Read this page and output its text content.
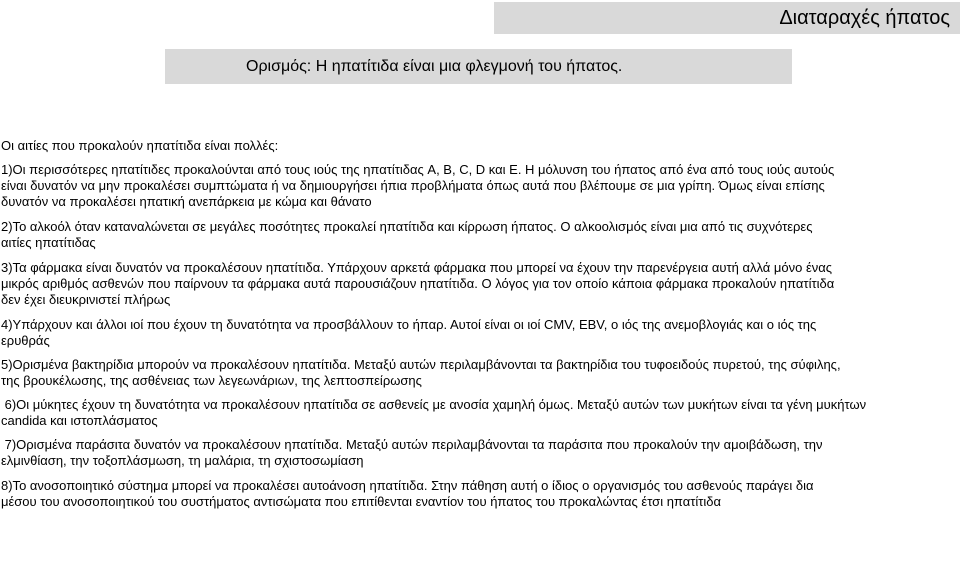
Διαταραχές ήπατος
Ορισμός: Η ηπατίτιδα είναι μια φλεγμονή του ήπατος.

Οι αιτίες που προκαλούν ηπατίτιδα είναι πολλές:

1)Οι περισσότερες ηπατίτιδες προκαλούνται από τους ιούς της ηπατίτιδας A, B, C, D και E. Η μόλυνση του ήπατος από ένα από τους ιούς αυτούς

είναι δυνατόν να μην προκαλέσει συμπτώματα ή να δημιουργήσει ήπια προβλήματα όπως αυτά που βλέπουμε σε μια γρίπη. Όμως είναι επίσης

δυνατόν να προκαλέσει ηπατική ανεπάρκεια με κώμα και θάνατο

2)Το αλκοόλ όταν καταναλώνεται σε μεγάλες ποσότητες προκαλεί ηπατίτιδα και κίρρωση ήπατος. Ο αλκοολισμός είναι μια από τις συχνότερες

αιτίες ηπατίτιδας

3)Τα φάρμακα είναι δυνατόν να προκαλέσουν ηπατίτιδα. Υπάρχουν αρκετά φάρμακα που μπορεί να έχουν την παρενέργεια αυτή αλλά μόνο ένας

μικρός αριθμός ασθενών που παίρνουν τα φάρμακα αυτά παρουσιάζουν ηπατίτιδα. Ο λόγος για τον οποίο κάποια φάρμακα προκαλούν ηπατίτιδα

δεν έχει διευκρινιστεί πλήρως

4)Υπάρχουν και άλλοι ιοί που έχουν τη δυνατότητα να προσβάλλουν το ήπαρ. Αυτοί είναι οι ιοί CMV, EBV, ο ιός της ανεμοβλογιάς και ο ιός της

ερυθράς

5)Ορισμένα βακτηρίδια μπορούν να προκαλέσουν ηπατίτιδα. Μεταξύ αυτών περιλαμβάνονται τα βακτηρίδια του τυφοειδούς πυρετού, της σύφιλης,

της βρουκέλωσης, της ασθένειας των λεγεωνάριων, της λεπτοσπείρωσης

6)Οι μύκητες έχουν τη δυνατότητα να προκαλέσουν ηπατίτιδα σε ασθενείς με ανοσία χαμηλή όμως. Μεταξύ αυτών των μυκήτων είναι τα γένη μυκήτων

candida και ιστοπλάσματος

7)Ορισμένα παράσιτα δυνατόν να προκαλέσουν ηπατίτιδα. Μεταξύ αυτών περιλαμβάνονται τα παράσιτα που προκαλούν την αμοιβάδωση, την

ελμινθίαση, την τοξοπλάσμωση, τη μαλάρια, τη σχιστοσωμίαση

8)Το ανοσοποιητικό σύστημα μπορεί να προκαλέσει αυτοάνοση ηπατίτιδα. Στην πάθηση αυτή ο ίδιος ο οργανισμός του ασθενούς παράγει δια

μέσου του ανοσοποιητικού του συστήματος αντισώματα που επιτίθενται εναντίον του ήπατος του προκαλώντας έτσι ηπατίτιδα
